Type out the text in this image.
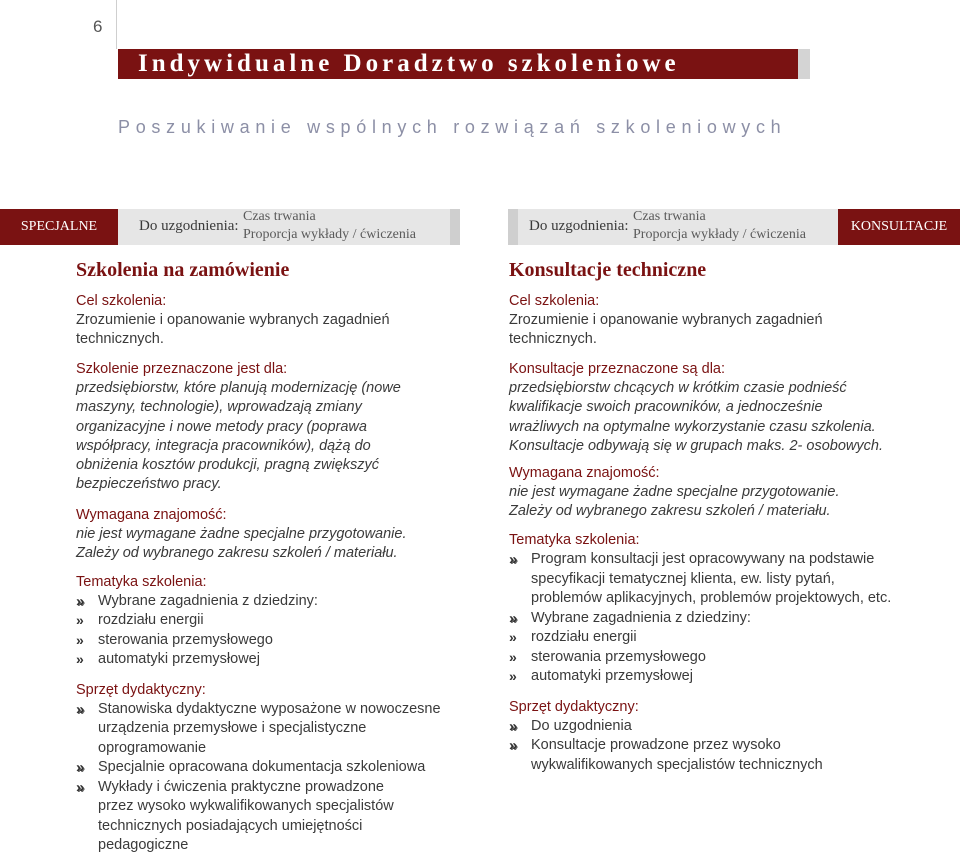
6
Indywidualne Doradztwo szkoleniowe
Poszukiwanie wspólnych rozwiązań szkoleniowych
SPECJALNE	Do uzgodnienia:
Czas trwania
Proporcja wykłady / ćwiczenia
KONSULTACJE
Do uzgodnienia:
Czas trwania
Proporcja wykłady / ćwiczenia
Szkolenia na zamówienie
Cel szkolenia:
Zrozumienie i opanowanie wybranych zagadnień technicznych.
Szkolenie przeznaczone jest dla:
przedsiębiorstw, które planują modernizację (nowe maszyny, technologie), wprowadzają zmiany organizacyjne i nowe metody pracy (poprawa współpracy, integracja pracowników), dążą do obniżenia kosztów produkcji, pragną zwiększyć bezpieczeństwo pracy.
Wymagana znajomość:
nie jest wymagane żadne specjalne przygotowanie. Zależy od wybranego zakresu szkoleń / materiału.
Tematyka szkolenia:
» Wybrane zagadnienia z dziedziny:
» rozdziału energii
» sterowania przemysłowego
» automatyki przemysłowej
Sprzęt dydaktyczny:
» Stanowiska dydaktyczne wyposażone w nowoczesne urządzenia przemysłowe i specjalistyczne oprogramowanie
» Specjalnie opracowana dokumentacja szkoleniowa
» Wykłady i ćwiczenia praktyczne prowadzone przez wysoko wykwalifikowanych specjalistów technicznych posiadających umiejętności pedagogiczne
Konsultacje techniczne
Cel szkolenia:
Zrozumienie i opanowanie wybranych zagadnień technicznych.
Konsultacje przeznaczone są dla:
przedsiębiorstw chcących w krótkim czasie podnieść kwalifikacje swoich pracowników, a jednocześnie wrażliwych na optymalne wykorzystanie czasu szkolenia.
Konsultacje odbywają się w grupach maks. 2- osobowych.
Wymagana znajomość:
nie jest wymagane żadne specjalne przygotowanie. Zależy od wybranego zakresu szkoleń / materiału.
Tematyka szkolenia:
» Program konsultacji jest opracowywany na podstawie specyfikacji tematycznej klienta, ew. listy pytań, problemów aplikacyjnych, problemów projektowych, etc.
» Wybrane zagadnienia z dziedziny:
» rozdziału energii
» sterowania przemysłowego
» automatyki przemysłowej
Sprzęt dydaktyczny:
» Do uzgodnienia
» Konsultacje prowadzone przez wysoko wykwalifikowanych specjalistów technicznych
